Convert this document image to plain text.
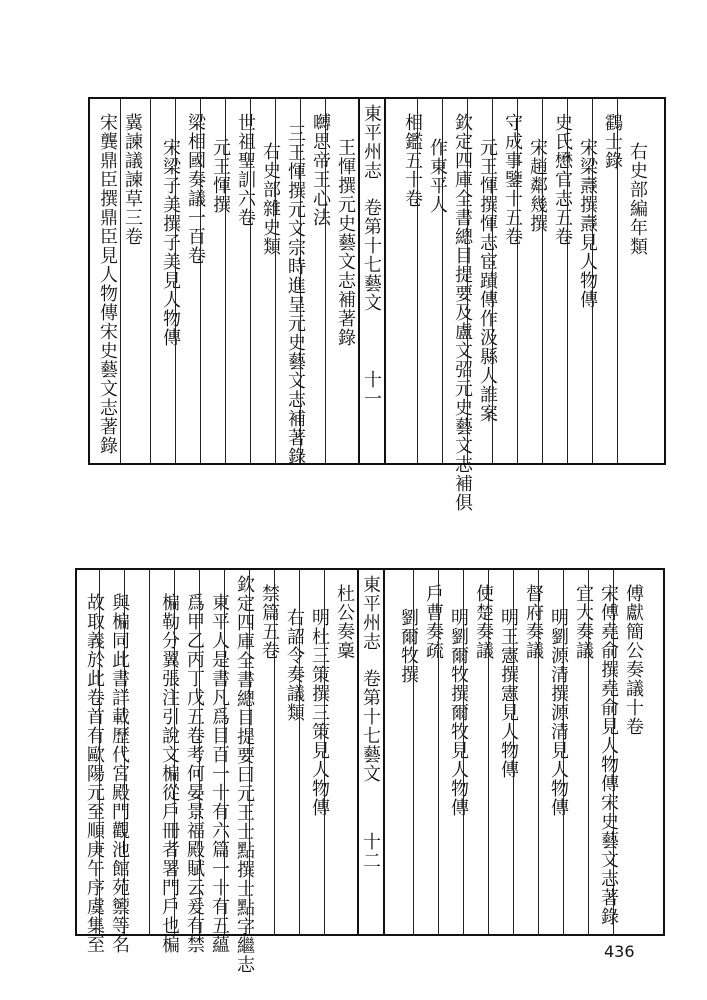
右史部編年類
鸖士錄
宋梁燾撰燾見人物傳
史氏懋官志五卷
宋趙鄰幾撰
守成事鑒十五卷
元王惲撰惲志宦蹟傳作汲縣人誰案
欽定四庫全書總目提要及盧文弨元史藝文志補俱
作東平人
相鑑五十卷
東平州志
卷第十七藝文
十一
王惲撰元史藝文志補著錄
嚩思帝王心法
三王惲撰元文宗時進呈元史藝文志補著錄
右史部雜史類
世祖聖訓六卷
元王惲撰
梁相國奏議一百卷
宋梁子美撰子美見人物傳
冀諫議諫草三卷
宋龔鼎臣撰鼎臣見人物傳宋史藝文志著錄
傅獻簡公奏議十卷
宋傅堯俞撰堯俞見人物傳宋史藝文志著錄
宜大奏議
明劉源清撰源清見人物傳
督府奏議
明王憲撰憲見人物傳
使楚奏議
明劉爾牧撰爾牧見人物傳
戶曹奏疏
劉爾牧撰
東平州志
卷第十七藝文
十二
杜公奏稾
明杜三策撰三策見人物傳
右詔令奏議類
禁篇五卷
欽定四庫全書總目提要曰元王士點撰士點字繼志
東平人是書凡爲目百一十有六篇一十有五蘊
爲甲乙丙丁戊五卷考何晏景福殿賦云爰有禁
楄勒分翼張注引說文楄從戶冊者署門戶也楄
與楄同此書詳載歷代宮殿門觀池館苑籞等名
故取義於此卷首有歐陽元至順庚午序虞集至	436
